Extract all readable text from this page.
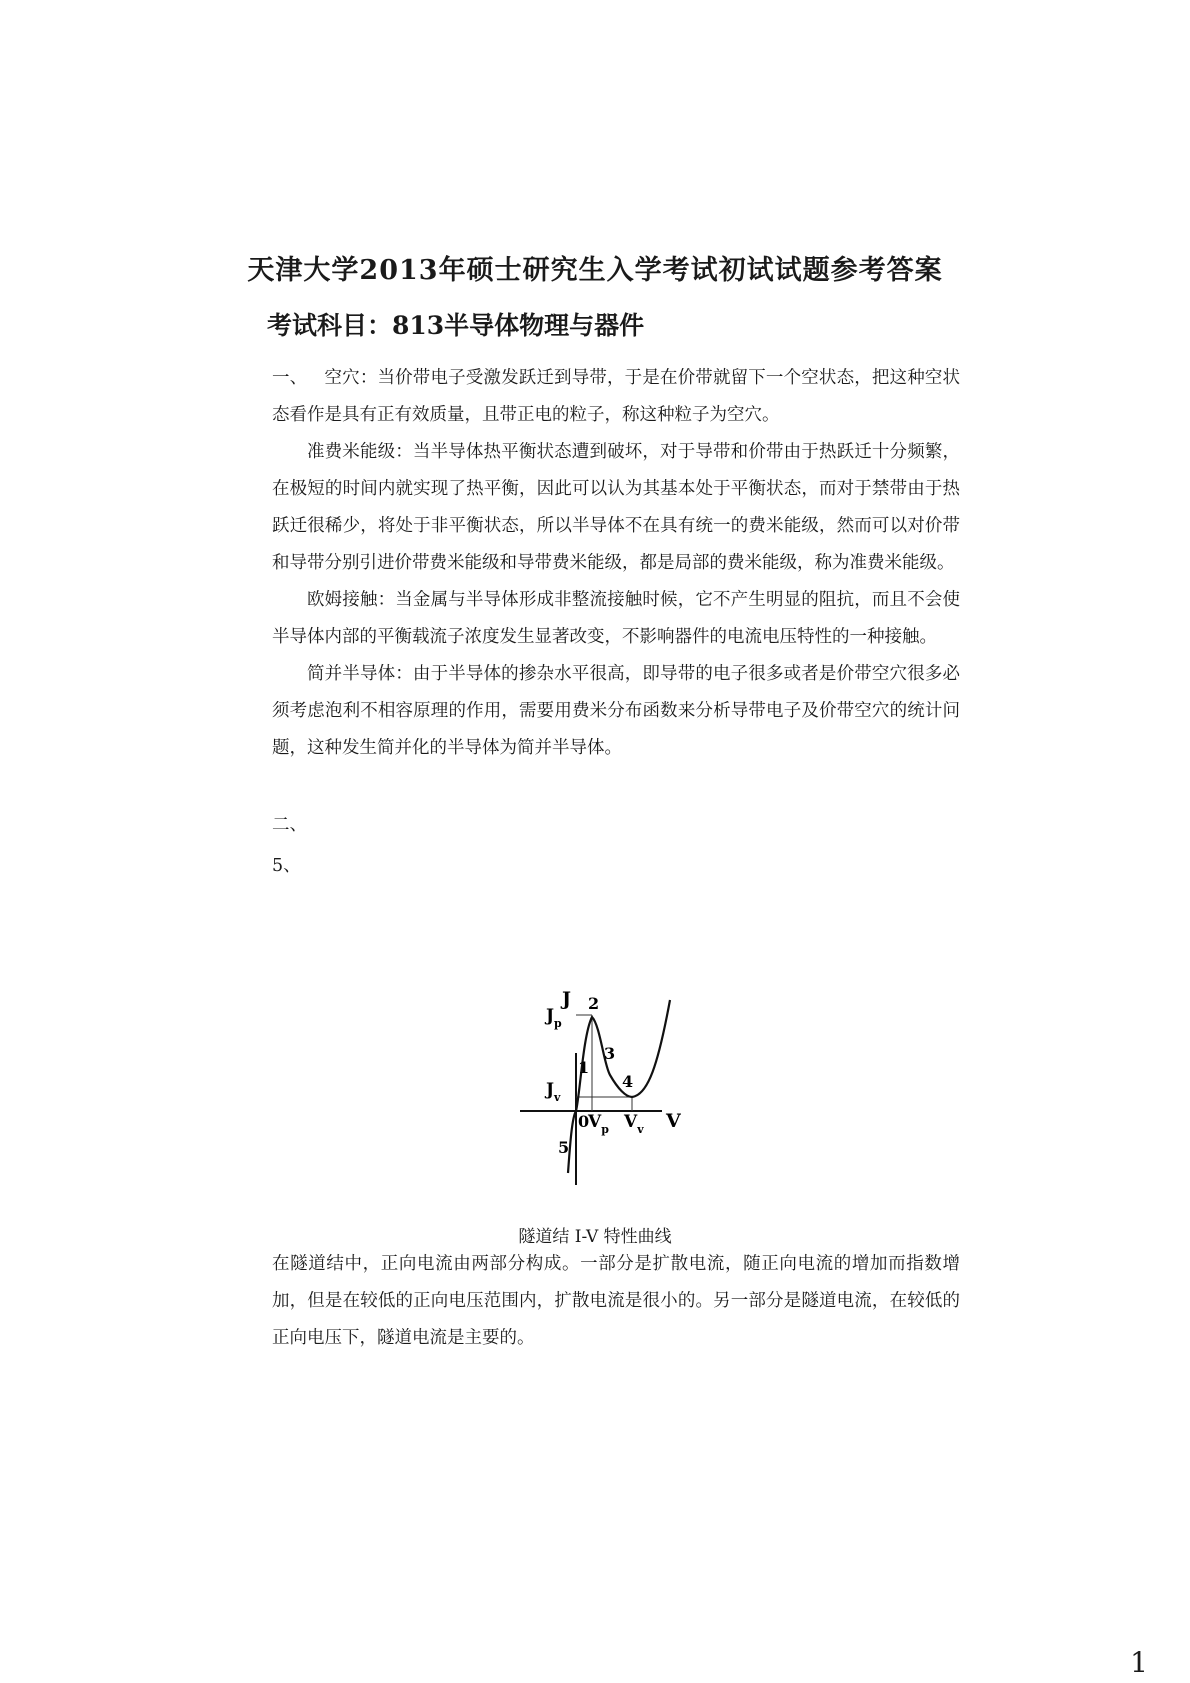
天津大学2013年硕士研究生入学考试初试试题参考答案
考试科目：813半导体物理与器件

一、 空穴：当价带电子受激发跃迁到导带，于是在价带就留下一个空状态，把这种空状态看作是具有正有效质量，且带正电的粒子，称这种粒子为空穴。

准费米能级：当半导体热平衡状态遭到破坏，对于导带和价带由于热跃迁十分频繁，在极短的时间内就实现了热平衡，因此可以认为其基本处于平衡状态，而对于禁带由于热跃迁很稀少，将处于非平衡状态，所以半导体不在具有统一的费米能级，然而可以对价带和导带分别引进价带费米能级和导带费米能级，都是局部的费米能级，称为准费米能级。

欧姆接触：当金属与半导体形成非整流接触时候，它不产生明显的阻抗，而且不会使半导体内部的平衡载流子浓度发生显著改变，不影响器件的电流电压特性的一种接触。

简并半导体：由于半导体的掺杂水平很高，即导带的电子很多或者是价带空穴很多必须考虑泡利不相容原理的作用，需要用费米分布函数来分析导带电子及价带空穴的统计问题，这种发生简并化的半导体为简并半导体。

二、

5、

J
V
0
$J_p$
$J_v$
$V_p$ $V_v$
1
2
3
4
5
隧道结 I-V 特性曲线

在隧道结中，正向电流由两部分构成。一部分是扩散电流，随正向电流的增加而指数增加，但是在较低的正向电压范围内，扩散电流是很小的。另一部分是隧道电流，在较低的正向电压下，隧道电流是主要的。

1
